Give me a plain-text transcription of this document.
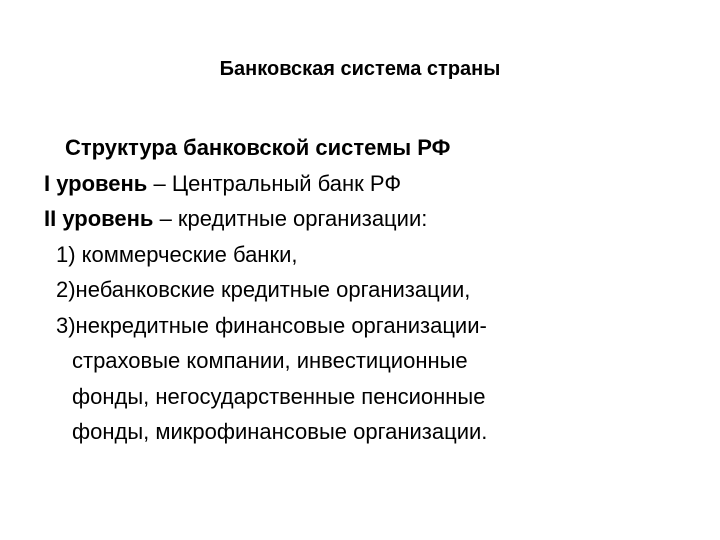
Банковская система страны
Структура банковской системы РФ
I уровень – Центральный банк РФ
II уровень – кредитные организации:
1) коммерческие банки,
2)небанковские кредитные организации,
3)некредитные финансовые организации-
страховые компании, инвестиционные
фонды, негосударственные пенсионные
фонды, микрофинансовые организации.
